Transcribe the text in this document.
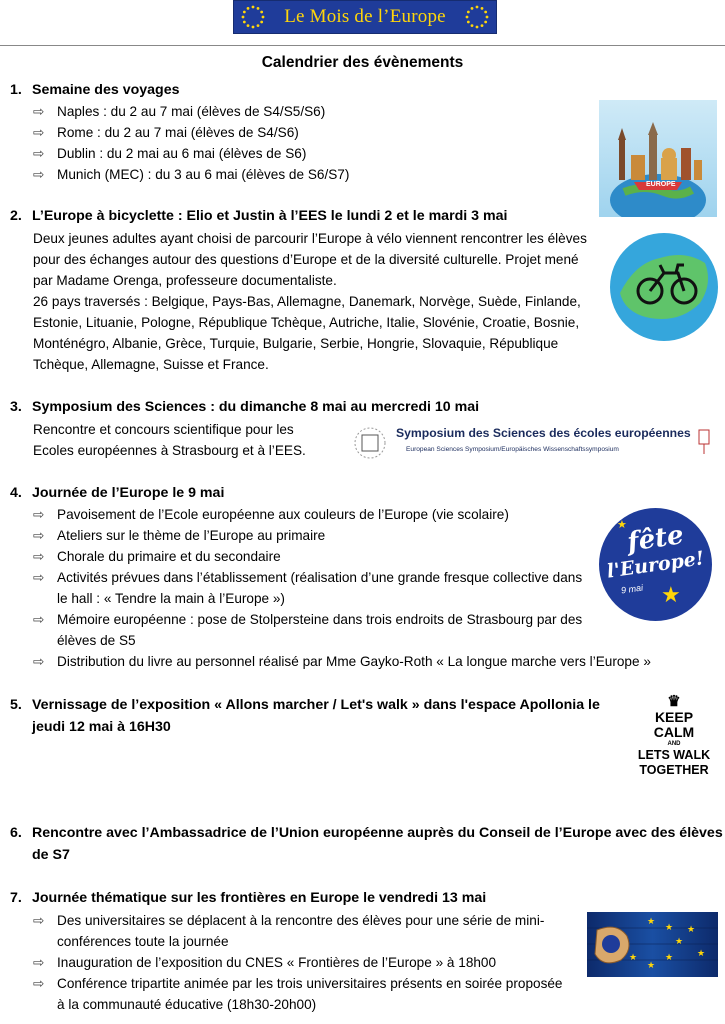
Le Mois de l’Europe
Calendrier des évènements
1. Semaine des voyages
⇨ Naples : du 2 au 7 mai (élèves de S4/S5/S6)
⇨ Rome : du 2 au 7 mai (élèves de S4/S6)
⇨ Dublin : du 2 mai au 6 mai (élèves de S6)
⇨ Munich (MEC) : du 3 au 6 mai (élèves de S6/S7)
EUROPE
2. L’Europe à bicyclette : Elio et Justin à l’EES le lundi 2 et le mardi 3 mai
Deux jeunes adultes ayant choisi de parcourir l’Europe à vélo viennent rencontrer les élèves
pour des échanges autour des questions d’Europe et de la diversité culturelle. Projet mené
par Madame Orenga, professeure documentaliste.
26 pays traversés : Belgique, Pays-Bas, Allemagne, Danemark, Norvège, Suède, Finlande,
Estonie, Lituanie, Pologne, République Tchèque, Autriche, Italie, Slovénie, Croatie, Bosnie,
Monténégro, Albanie, Grèce, Turquie, Bulgarie, Serbie, Hongrie, Slovaquie, République
Tchèque, Allemagne, Suisse et France.
3. Symposium des Sciences : du dimanche 8 mai au mercredi 10 mai
Rencontre et concours scientifique pour les
Ecoles européennes à Strasbourg et à l’EES.
Symposium des Sciences des écoles européennes
European Sciences Symposium/Europäisches Wissenschaftssymposium
4. Journée de l’Europe le 9 mai
⇨ Pavoisement de l’Ecole européenne aux couleurs de l’Europe (vie scolaire)
⇨ Ateliers sur le thème de l’Europe au primaire
⇨ Chorale du primaire et du secondaire
⇨ Activités prévues dans l’établissement (réalisation d’une grande fresque collective dans
le hall : « Tendre la main à l’Europe »)
⇨ Mémoire européenne : pose de Stolpersteine dans trois endroits de Strasbourg par des
élèves de S5
⇨ Distribution du livre au personnel réalisé par Mme Gayko-Roth « La longue marche vers l’Europe »
fête
l'Europe!
9 mai ★
★
5. Vernissage de l’exposition « Allons marcher / Let's walk » dans l'espace Apollonia le
jeudi 12 mai à 16H30
♛
KEEP
CALM
AND
LETS WALK
TOGETHER
6. Rencontre avec l’Ambassadrice de l’Union européenne auprès du Conseil de l’Europe avec des élèves
de S7
7. Journée thématique sur les frontières en Europe le vendredi 13 mai
⇨ Des universitaires se déplacent à la rencontre des élèves pour une série de mini-
conférences toute la journée
⇨ Inauguration de l’exposition du CNES « Frontières de l’Europe » à 18h00
⇨ Conférence tripartite animée par les trois universitaires présents en soirée proposée
à la communauté éducative (18h30-20h00)
★
★
★
★
★
★
★
★
